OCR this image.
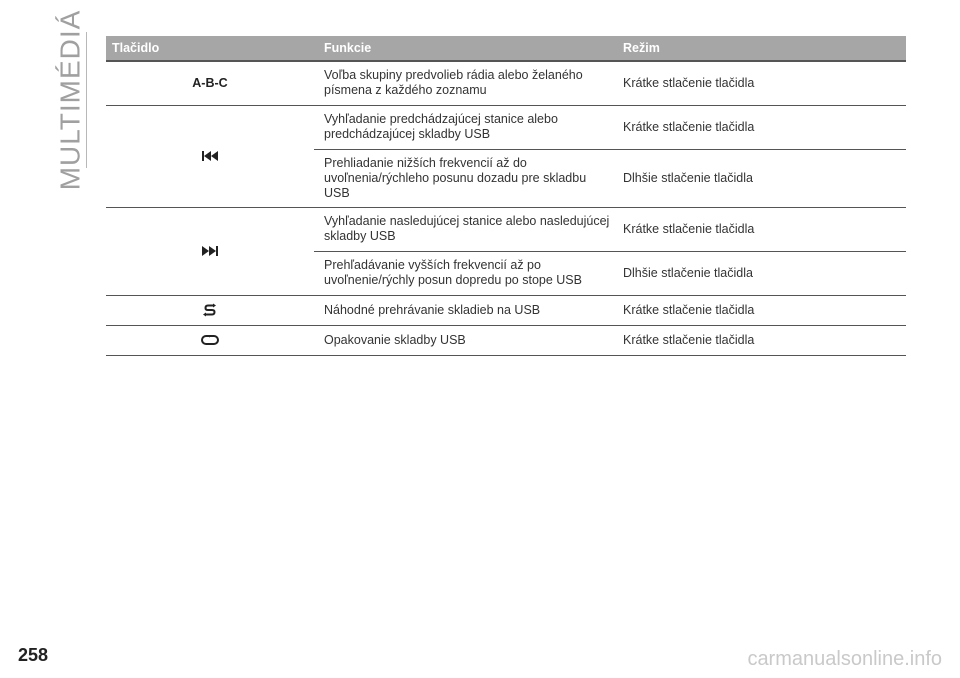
MULTIMÉDIÁ Tlačidlo	Funkcie	Režim
A-B-C	Voľba skupiny predvolieb rádia alebo želaného písmena z každého zoznamu	Krátke stlačenie tlačidla
	Vyhľadanie predchádzajúcej stanice alebo predchádzajúcej skladby USB	Krátke stlačenie tlačidla
	Prehliadanie nižších frekvencií až do uvoľnenia/rýchleho posunu dozadu pre skladbu USB	Dlhšie stlačenie tlačidla
	Vyhľadanie nasledujúcej stanice alebo nasledujúcej skladby USB	Krátke stlačenie tlačidla
	Prehľadávanie vyšších frekvencií až po uvoľnenie/rýchly posun dopredu po stope USB	Dlhšie stlačenie tlačidla
	Náhodné prehrávanie skladieb na USB	Krátke stlačenie tlačidla
	Opakovanie skladby USB	Krátke stlačenie tlačidla
258	carmanualsonline.info
